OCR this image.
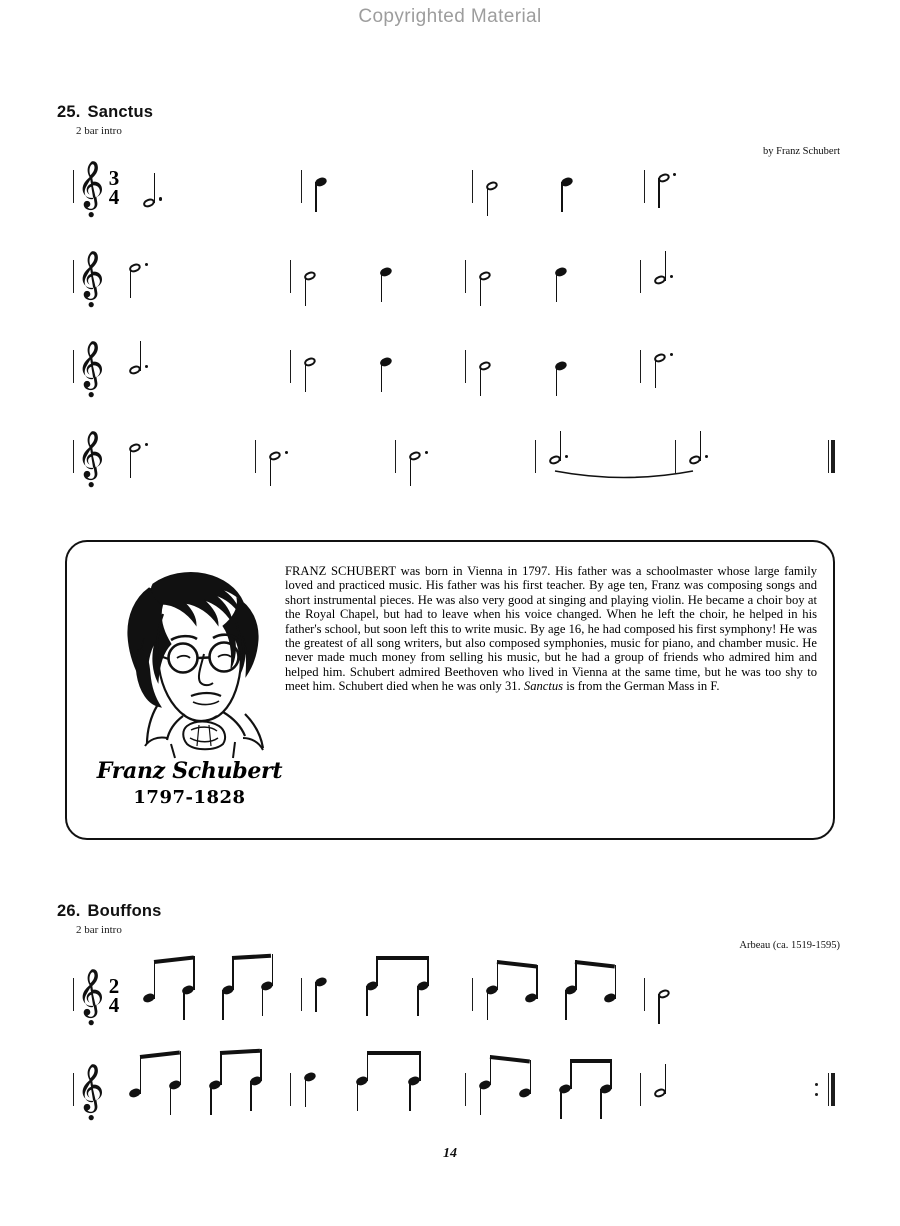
Copyrighted Material
25. Sanctus
2 bar intro
by Franz Schubert
3
4
Franz Schubert
1797-1828
FRANZ SCHUBERT was born in Vienna in 1797. His father was a schoolmaster whose large family loved and practiced music. His father was his first teacher. By age ten, Franz was composing songs and short instrumental pieces. He was also very good at singing and playing violin. He became a choir boy at the Royal Chapel, but had to leave when his voice changed. When he left the choir, he helped in his father's school, but soon left this to write music. By age 16, he had composed his first symphony! He was the greatest of all song writers, but also composed symphonies, music for piano, and chamber music. He never made much money from selling his music, but he had a group of friends who admired him and helped him. Schubert admired Beethoven who lived in Vienna at the same time, but he was too shy to meet him. Schubert died when he was only 31. Sanctus is from the German Mass in F.
26. Bouffons
2 bar intro
Arbeau (ca. 1519-1595)
2
4
14
